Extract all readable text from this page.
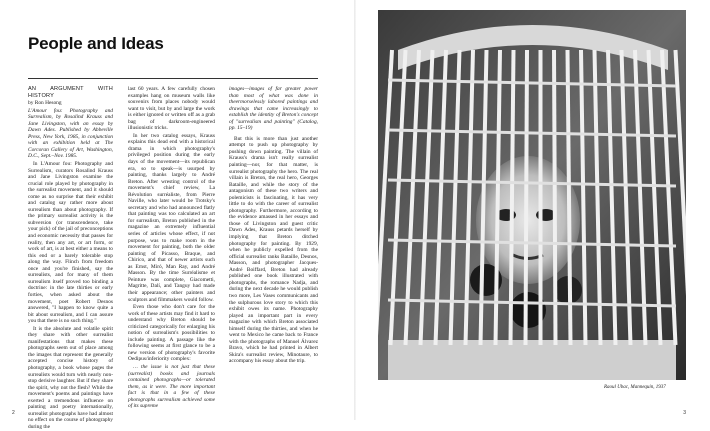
People and Ideas

AN ARGUMENT WITH HISTORY

by Ron Hesong

L'Amour fou: Photography and Surrealism, by Rosalind Krauss and Jane Livingston, with an essay by Dawn Ades. Published by Abbeville Press, New York, 1985, in conjunction with an exhibition held at The Corcoran Gallery of Art, Washington, D.C., Sept.–Nov. 1985.

In L'Amour fou: Photography and Surrealism, curators Rosalind Krauss and Jane Livingston examine the crucial role played by photography in the surrealist movement, and it should come as no surprise that their exhibit and catalog say rather more about surrealism than about photography. If the primary surrealist activity is the subversion (or transcendence, take your pick) of the jail of preconceptions and economic necessity that passes for reality, then any art, or art form, or work of art, is at best either a means to this end or a barely tolerable stop along the way. Flinch from freedom once and you're finished, say the surrealists, and for many of them surrealism itself proved too binding a doctrine: in the late thirties or early forties, when asked about the movement, poet Robert Desnos answered, "I happen to know quite a bit about surrealism, and I can assure you that there is no such thing."

It is the absolute and volatile spirit they share with other surrealist manifestations that makes these photographs seem out of place among the images that represent the generally accepted concise history of photography, a book whose pages the surrealists would turn with nearly non-stop derisive laughter. But if they share the spirit, why not the flesh? While the movement's poems and paintings have exerted a tremendous influence on painting and poetry internationally, surrealist photographs have had almost no effect on the course of photography during the

last 60 years. A few carefully chosen examples hang on museum walls like souvenirs from places nobody would want to visit, but by and large the work is either ignored or written off as a grab bag of darkroom-engineered illusionistic tricks.

In her two catalog essays, Krauss explains this dead end with a historical drama in which photography's privileged position during the early days of the movement—its republican era, so to speak—is usurped by painting, thanks largely to André Breton. After wresting control of the movement's chief review, La Révolution surréaliste, from Pierre Naville, who later would be Trotsky's secretary and who had announced flatly that painting was too calculated an art for surrealism, Breton published in the magazine an extremely influential series of articles whose effect, if not purpose, was to make room in the movement for painting, both the older painting of Picasso, Braque, and Chirico, and that of newer artists such as Ernst, Miró, Man Ray, and André Masson. By the time Surréalisme et Peinture was complete, Giacometti, Magritte, Dalí, and Tanguy had made their appearance; other painters and sculptors and filmmakers would follow.

Even those who don't care for the work of these artists may find it hard to understand why Breton should be criticized categorically for enlarging his notion of surrealism's possibilities to include painting. A passage like the following seems at first glance to be a new version of photography's favorite Oedipus/inferiority complex:

… the issue is not just that these (surrealist) books and journals contained photographs—or tolerated them, as it were. The more important fact is that in a few of these photographs surrealism achieved some of its supreme

images—images of far greater power than most of what was done in theermorselessly labored paintings and drawings that came increasingly to establish the identity of Breton's concept of "surrealism and painting" (Catalog, pp. 15–19)

But this is more than just another attempt to push up photography by pushing down painting. The villain of Krauss's drama isn't really surrealist painting—nor, for that matter, is surrealist photography the hero. The real villain is Breton, the real hero, Georges Bataille, and while the story of the antagonism of these two writers and polemicists is fascinating, it has very little to do with the career of surrealist photography. Furthermore, according to the evidence amassed in her essays and those of Livingston and guest critic Dawn Ades, Krauss petards herself by implying that Breton ditched photography for painting. By 1929, when he publicly expelled from the official surrealist ranks Bataille, Desnos, Masson, and photographer Jacques-André Boiffard, Breton had already published one book illustrated with photographs, the romance Nadja, and during the next decade he would publish two more, Les Vases communicants and the sulphurous love story to which this exhibit owes its name. Photography played an important part in every magazine with which Breton associated himself during the thirties, and when he went to Mexico he came back to France with the photographs of Manuel Álvarez Bravo, which he had printed in Albert Skira's surrealist review, Minotaure, to accompany his essay about the trip.

2
Raoul Ubac, Mannequin, 1937
3
